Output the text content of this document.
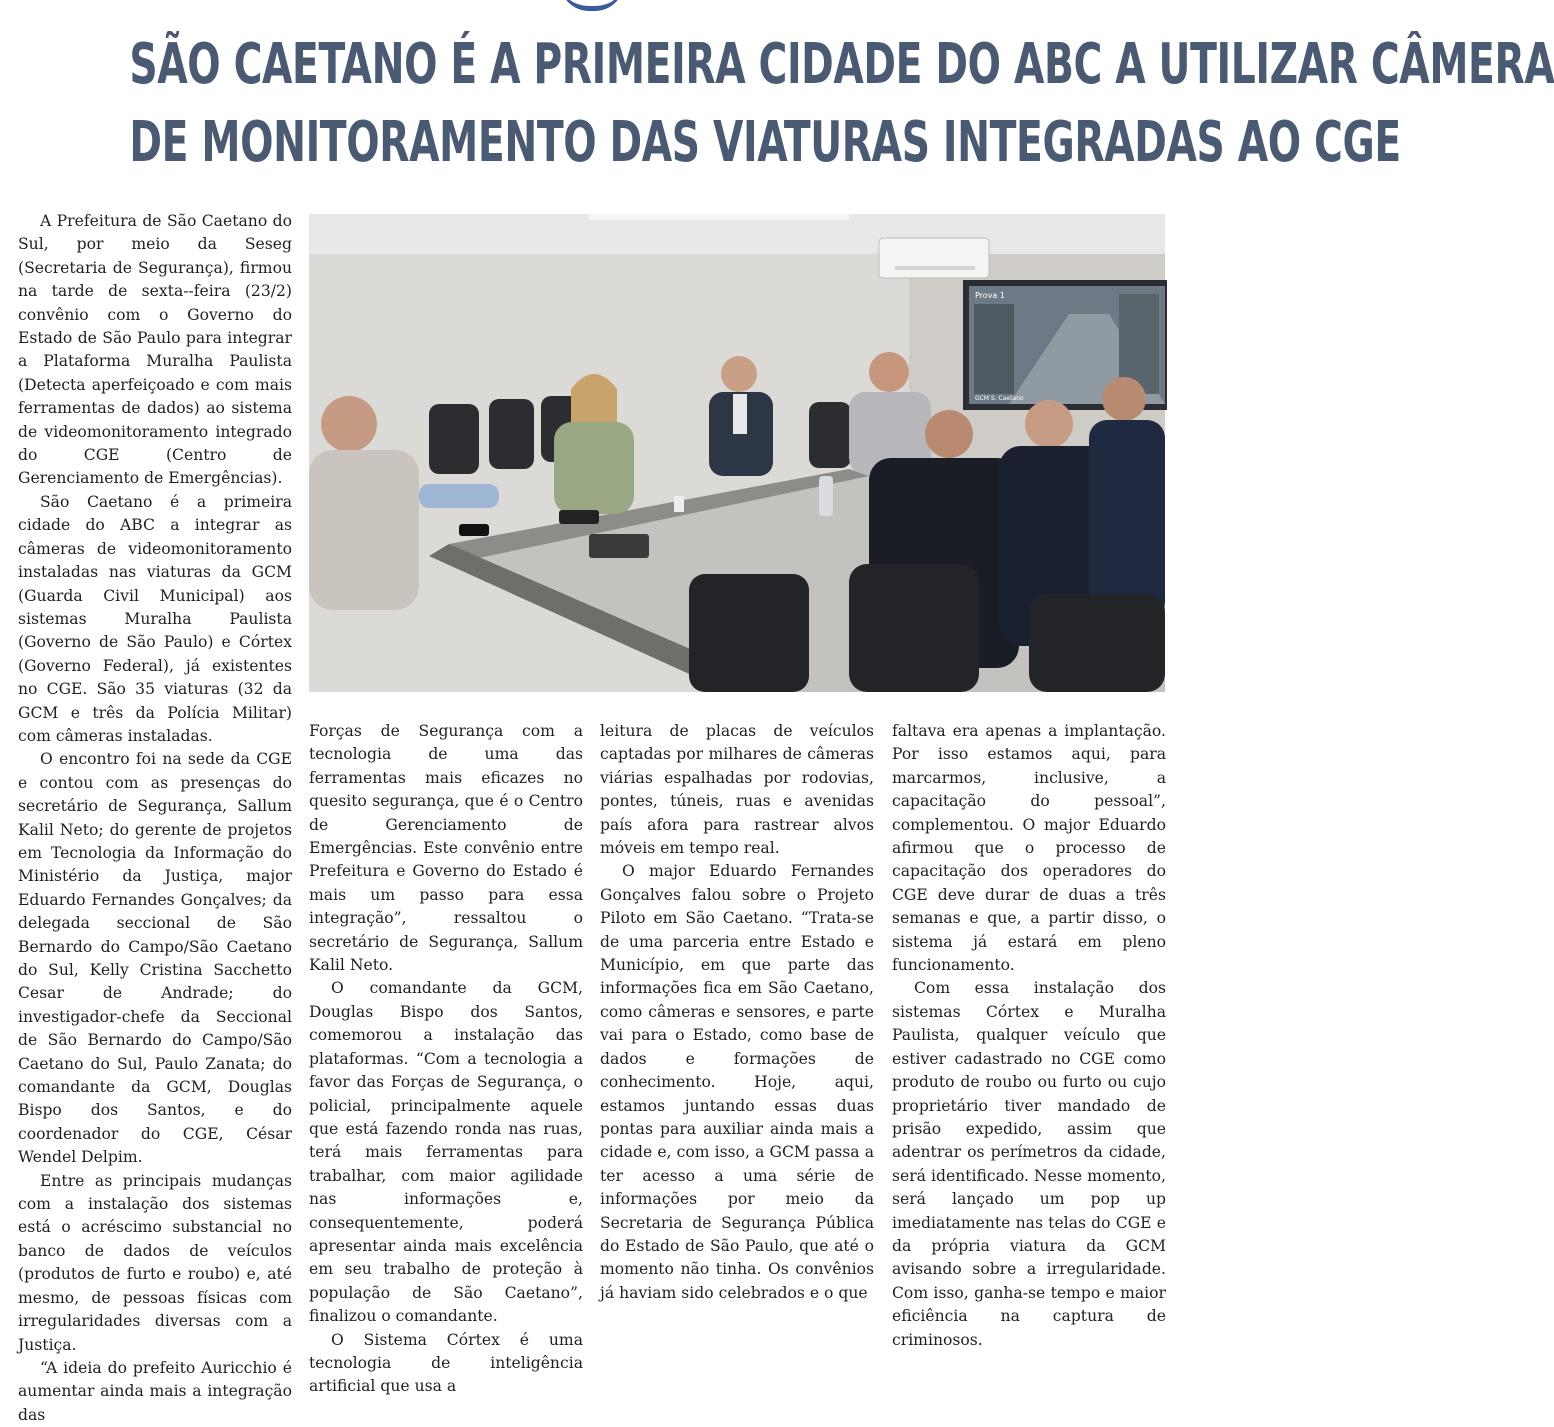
SÃO CAETANO É A PRIMEIRA CIDADE DO ABC A UTILIZAR CÂMERA
DE MONITORAMENTO DAS VIATURAS INTEGRADAS AO CGE

A Prefeitura de São Caetano do Sul, por meio da Seseg (Secretaria de Segurança), firmou na tarde de sexta--feira (23/2) convênio com o Governo do Estado de São Paulo para integrar a Plataforma Muralha Paulista (Detecta aperfeiçoado e com mais ferramentas de dados) ao sistema de videomonitoramento integrado do CGE (Centro de Gerenciamento de Emergências).

São Caetano é a primeira cidade do ABC a integrar as câmeras de videomonitoramento instaladas nas viaturas da GCM (Guarda Civil Municipal) aos sistemas Muralha Paulista (Governo de São Paulo) e Córtex (Governo Federal), já existentes no CGE. São 35 viaturas (32 da GCM e três da Polícia Militar) com câmeras instaladas.

O encontro foi na sede da CGE e contou com as presenças do secretário de Segurança, Sallum Kalil Neto; do gerente de projetos em Tecnologia da Informação do Ministério da Justiça, major Eduardo Fernandes Gonçalves; da delegada seccional de São Bernardo do Campo/São Caetano do Sul, Kelly Cristina Sacchetto Cesar de Andrade; do investigador-chefe da Seccional de São Bernardo do Campo/São Caetano do Sul, Paulo Zanata; do comandante da GCM, Douglas Bispo dos Santos, e do coordenador do CGE, César Wendel Delpim.

Entre as principais mudanças com a instalação dos sistemas está o acréscimo substancial no banco de dados de veículos (produtos de furto e roubo) e, até mesmo, de pessoas físicas com irregularidades diversas com a Justiça.

“A ideia do prefeito Auricchio é aumentar ainda mais a integração das

Prova 1
GCM S. Caetano

Forças de Segurança com a tecnologia de uma das ferramentas mais eficazes no quesito segurança, que é o Centro de Gerenciamento de Emergências. Este convênio entre Prefeitura e Governo do Estado é mais um passo para essa integração”, ressaltou o secretário de Segurança, Sallum Kalil Neto.

O comandante da GCM, Douglas Bispo dos Santos, comemorou a instalação das plataformas. “Com a tecnologia a favor das Forças de Segurança, o policial, principalmente aquele que está fazendo ronda nas ruas, terá mais ferramentas para trabalhar, com maior agilidade nas informações e, consequentemente, poderá apresentar ainda mais excelência em seu trabalho de proteção à população de São Caetano”, finalizou o comandante.

O Sistema Córtex é uma tecnologia de inteligência artificial que usa a

leitura de placas de veículos captadas por milhares de câmeras viárias espalhadas por rodovias, pontes, túneis, ruas e avenidas país afora para rastrear alvos móveis em tempo real.

O major Eduardo Fernandes Gonçalves falou sobre o Projeto Piloto em São Caetano. “Trata-se de uma parceria entre Estado e Município, em que parte das informações fica em São Caetano, como câmeras e sensores, e parte vai para o Estado, como base de dados e formações de conhecimento. Hoje, aqui, estamos juntando essas duas pontas para auxiliar ainda mais a cidade e, com isso, a GCM passa a ter acesso a uma série de informações por meio da Secretaria de Segurança Pública do Estado de São Paulo, que até o momento não tinha. Os convênios já haviam sido celebrados e o que

faltava era apenas a implantação. Por isso estamos aqui, para marcarmos, inclusive, a capacitação do pessoal”, complementou. O major Eduardo afirmou que o processo de capacitação dos operadores do CGE deve durar de duas a três semanas e que, a partir disso, o sistema já estará em pleno funcionamento.

Com essa instalação dos sistemas Córtex e Muralha Paulista, qualquer veículo que estiver cadastrado no CGE como produto de roubo ou furto ou cujo proprietário tiver mandado de prisão expedido, assim que adentrar os perímetros da cidade, será identificado. Nesse momento, será lançado um pop up imediatamente nas telas do CGE e da própria viatura da GCM avisando sobre a irregularidade. Com isso, ganha-se tempo e maior eficiência na captura de criminosos.
